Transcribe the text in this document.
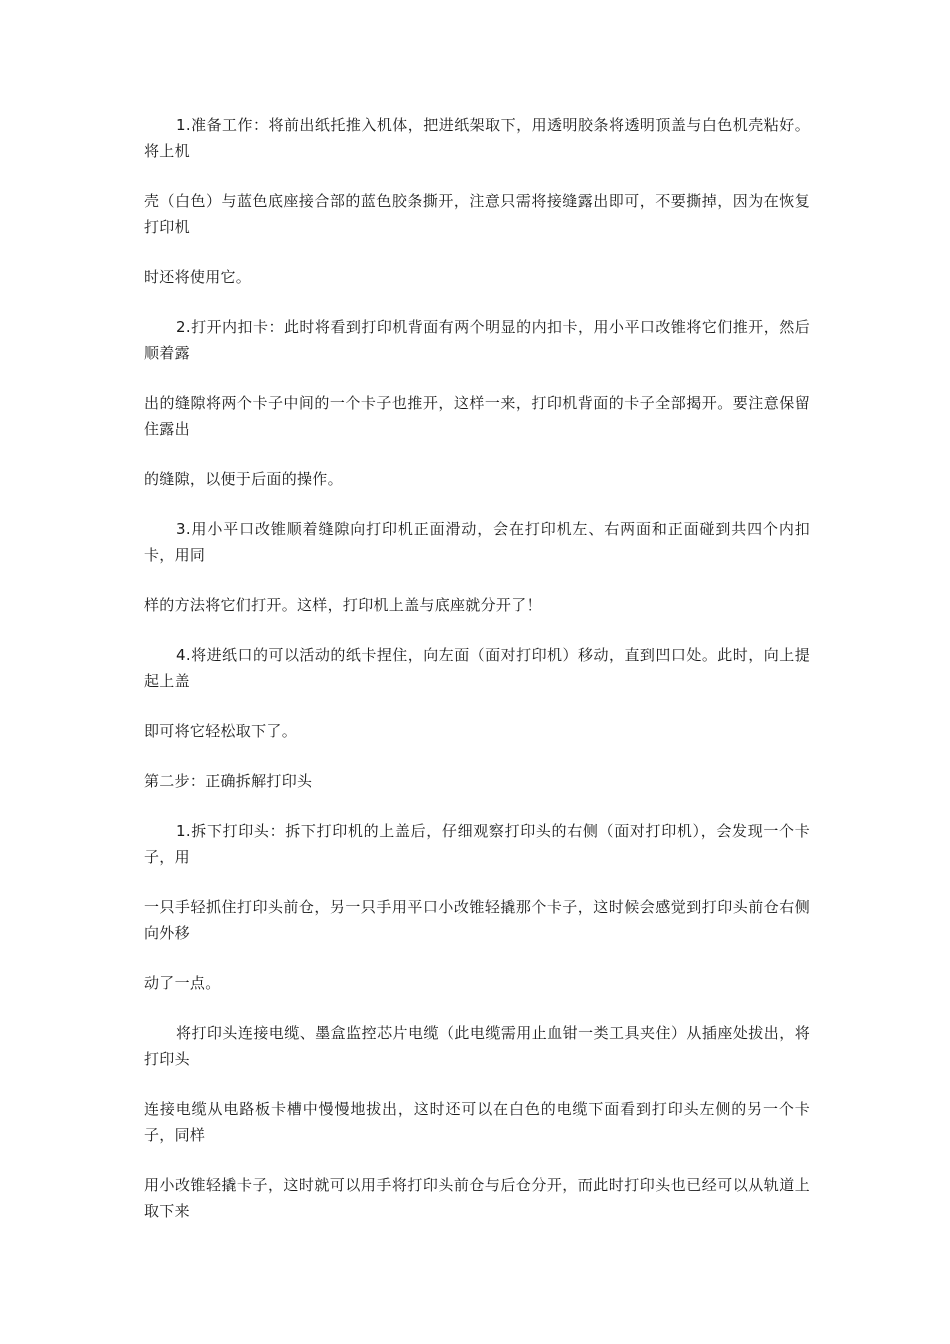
1.准备工作：将前出纸托推入机体，把进纸架取下，用透明胶条将透明顶盖与白色机壳粘好。将上机

壳（白色）与蓝色底座接合部的蓝色胶条撕开，注意只需将接缝露出即可，不要撕掉，因为在恢复打印机

时还将使用它。

2.打开内扣卡：此时将看到打印机背面有两个明显的内扣卡，用小平口改锥将它们推开，然后顺着露

出的缝隙将两个卡子中间的一个卡子也推开，这样一来，打印机背面的卡子全部揭开。要注意保留住露出

的缝隙，以便于后面的操作。

3.用小平口改锥顺着缝隙向打印机正面滑动，会在打印机左、右两面和正面碰到共四个内扣卡，用同

样的方法将它们打开。这样，打印机上盖与底座就分开了！

4.将进纸口的可以活动的纸卡捏住，向左面（面对打印机）移动，直到凹口处。此时，向上提起上盖

即可将它轻松取下了。

第二步：正确拆解打印头

1.拆下打印头：拆下打印机的上盖后，仔细观察打印头的右侧（面对打印机），会发现一个卡子，用

一只手轻抓住打印头前仓，另一只手用平口小改锥轻撬那个卡子，这时候会感觉到打印头前仓右侧向外移

动了一点。

将打印头连接电缆、墨盒监控芯片电缆（此电缆需用止血钳一类工具夹住）从插座处拔出，将打印头

连接电缆从电路板卡槽中慢慢地拔出，这时还可以在白色的电缆下面看到打印头左侧的另一个卡子，同样

用小改锥轻撬卡子，这时就可以用手将打印头前仓与后仓分开，而此时打印头也已经可以从轨道上取下来
